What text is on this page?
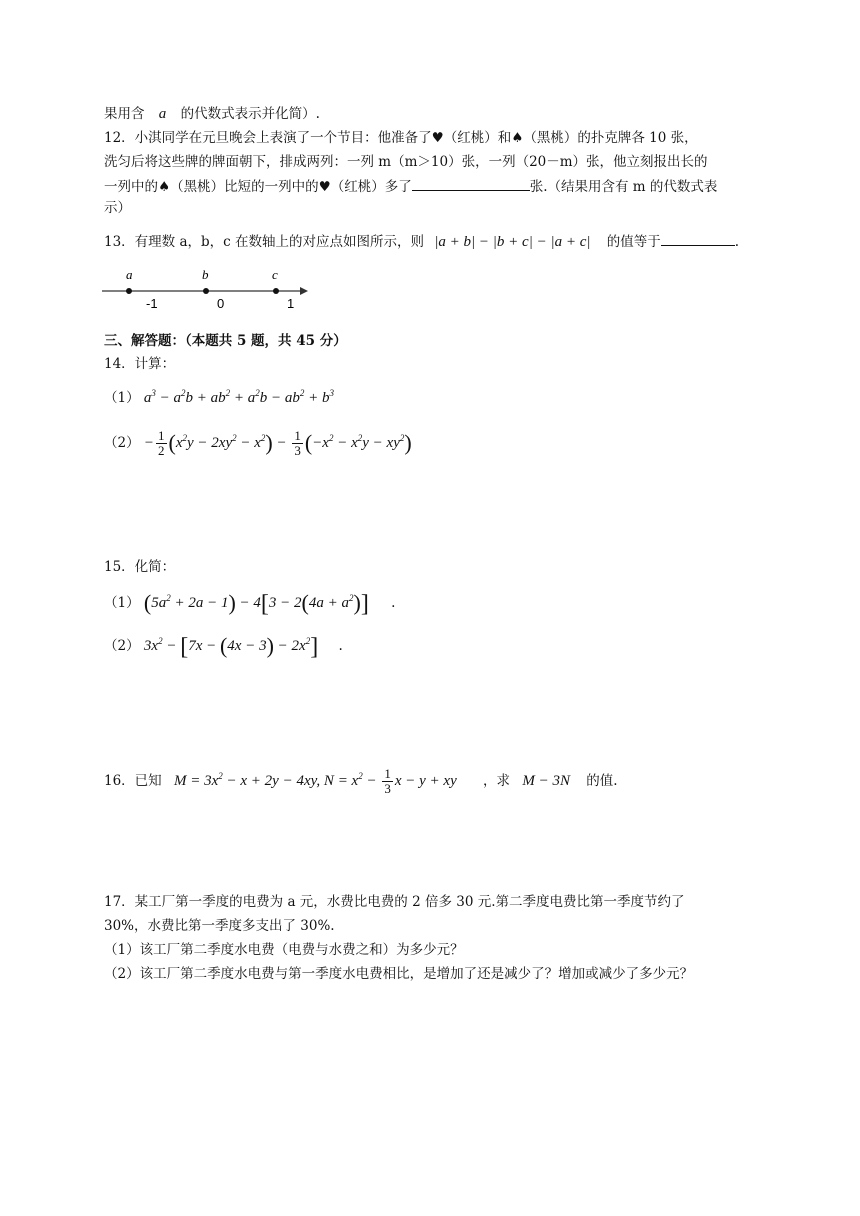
果用含 a 的代数式表示并化简）.
12．小淇同学在元旦晚会上表演了一个节目：他准备了♥（红桃）和♠（黑桃）的扑克牌各 10 张，
洗匀后将这些牌的牌面朝下，排成两列：一列 m（m＞10）张，一列（20－m）张，他立刻报出长的
一列中的♠（黑桃）比短的一列中的♥（红桃）多了	张.（结果用含有 m 的代数式表
示）
13．有理数 a，b，c 在数轴上的对应点如图所示，则 |a + b| − |b + c| − |a + c| 的值等于	.
a	b	c
-1	0	1
三、解答题：（本题共 5 题，共 45 分）
14．计算：
（1） $a^3 - a^2b + ab^2 + a^2b - ab^2 + b^3$
$(2) - \frac{1}{2} (x^2y - 2xy^2 - x^2) - \frac{1}{3} (-x^2 - x^2y - xy^2)$
15．化简：
（1） $(5a^2 + 2a - 1) - 4[3 - 2(4a + a^2)]$ .
（2） $3x^2 - [7x - (4x - 3) - 2x^2]$ .
16．已知 $M = 3x^2 - x + 2y - 4xy$, $N = x^2 - \frac{1}{3}$ x − y + xy ，求 M − 3N 的值.
17．某工厂第一季度的电费为 a 元，水费比电费的 2 倍多 30 元.第二季度电费比第一季度节约了
30%，水费比第一季度多支出了 30%.
（1）该工厂第二季度水电费（电费与水费之和）为多少元？
（2）该工厂第二季度水电费与第一季度水电费相比，是增加了还是减少了？增加或减少了多少元？
